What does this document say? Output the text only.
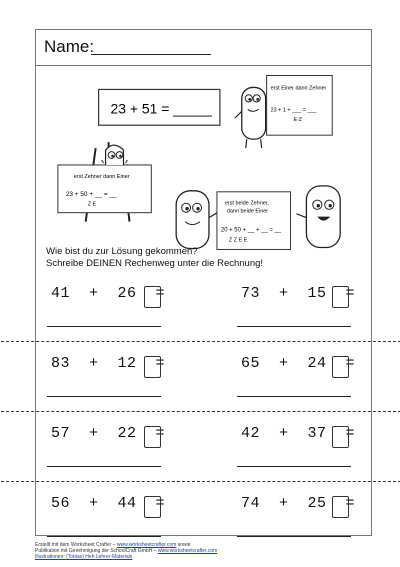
Name:
23 + 51 = _____
erst Einer dann Zehner
23 + 1 + ___ = ___
E Z
erst Zehner dann Einer
23 + 50 + __ = __
Z E	erst beide Zehner,
dann beide Einer
20 + 50 + __ + __ = __
Z Z E E
Wie bist du zur Lösung gekommen?
Schreibe DEINEN Rechenweg unter die Rechnung!
41  +  26  =	73  +  15  =
83  +  12  =	65  +  24  =
57  +  22  =	42  +  37  =
56  +  44  =	74  +  25  =
Erstellt mit dem Worksheet Crafter – www.worksheetcrafter.com sowie
Publikation mit Genehmigung der SchoolCraft GmbH – www.worksheetcrafter.com
Illustrationen: (Tobias) Heh Lehrer-Materials
